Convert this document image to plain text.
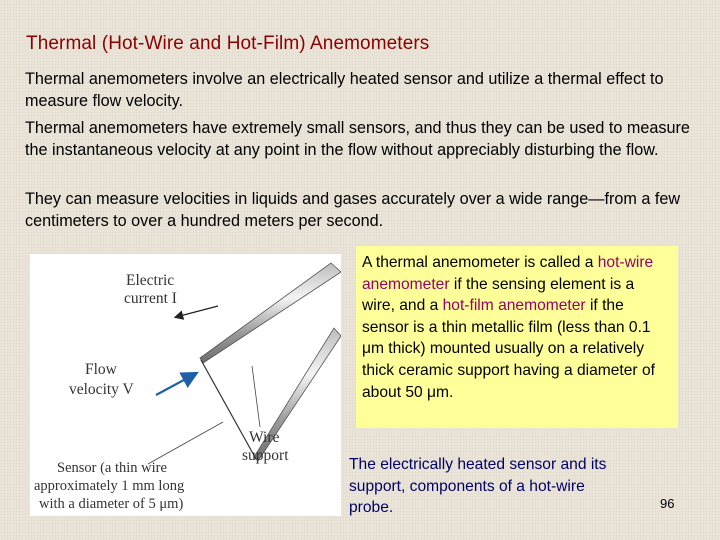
Thermal (Hot-Wire and Hot-Film) Anemometers

Thermal anemometers involve an electrically heated sensor and utilize a thermal effect to measure flow velocity.

Thermal anemometers have extremely small sensors, and thus they can be used to measure the instantaneous velocity at any point in the flow without appreciably disturbing the flow.

They can measure velocities in liquids and gases accurately over a wide range—from a few centimeters to over a hundred meters per second.

Electric
current I
Flow
velocity V
Wire
support
Sensor (a thin wire
approximately 1 mm long
with a diameter of 5 μm)
A thermal anemometer is called a hot-wire anemometer if the sensing element is a wire, and a hot-film anemometer if the sensor is a thin metallic film (less than 0.1 μm thick) mounted usually on a relatively thick ceramic support having a diameter of about 50 μm.

The electrically heated sensor and its support, components of a hot-wire probe.	96
